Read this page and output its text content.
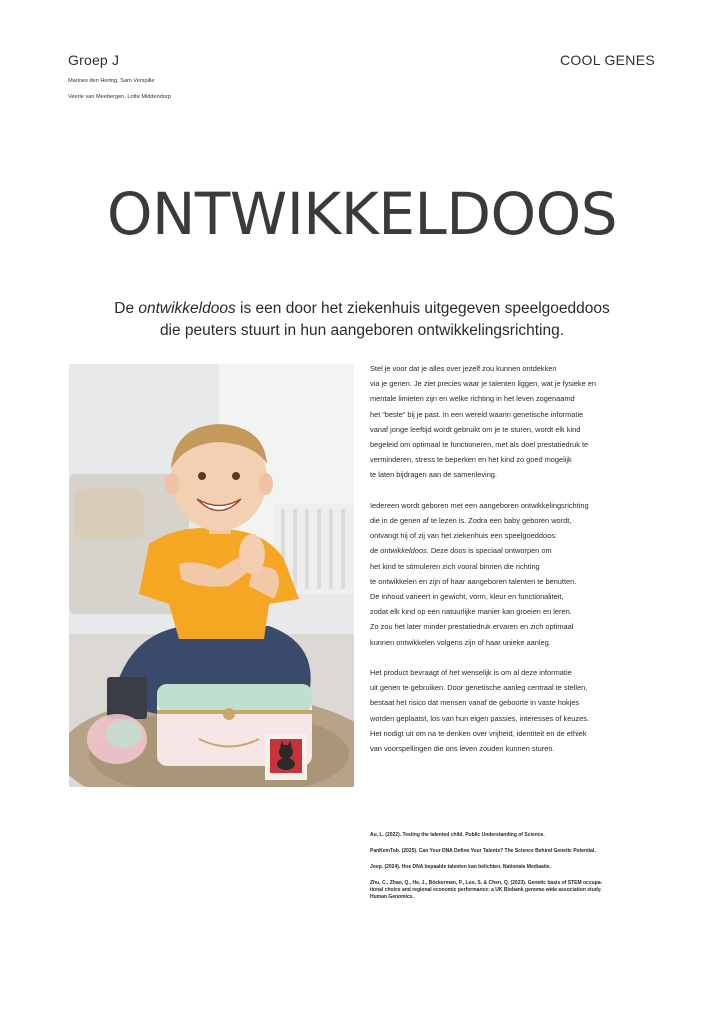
Groep J
Marloes den Hertog, Sam Verspille
Veerle van Meebergen, Lotte Middendorp
COOL GENES
ONTWIKKELDOOS
De ontwikkeldoos is een door het ziekenhuis uitgegeven speelgoeddoos
die peuters stuurt in hun aangeboren ontwikkelingsrichting.

Stel je voor dat je alles over jezelf zou kunnen ontdekken
via je genen. Je ziet precies waar je talenten liggen, wat je fysieke en
mentale limieten zijn en welke richting in het leven zogenaamd
het “beste” bij je past. In een wereld waarin genetische informatie
vanaf jonge leeftijd wordt gebruikt om je te sturen, wordt elk kind
begeleid om optimaal te functioneren, met als doel prestatiedruk te
verminderen, stress te beperken en het kind zo goed mogelijk
te laten bijdragen aan de samenleving.

Iedereen wordt geboren met een aangeboren ontwikkelingsrichting
die in de genen af te lezen is. Zodra een baby geboren wordt,
ontvangt hij of zij van het ziekenhuis een speelgoeddoos:
de ontwikkeldoos. Deze doos is speciaal ontworpen om
het kind te stimuleren zich vooral binnen die richting
te ontwikkelen en zijn of haar aangeboren talenten te benutten.
De inhoud varieert in gewicht, vorm, kleur en functionaliteit,
zodat elk kind op een natuurlijke manier kan groeien en leren.
Zo zou het later minder prestatiedruk ervaren en zich optimaal
kunnen ontwikkelen volgens zijn of haar unieke aanleg.

Het product bevraagt of het wenselijk is om al deze informatie
uit genen te gebruiken. Door genetische aanleg centraal te stellen,
bestaat het risico dat mensen vanaf de geboorte in vaste hokjes
worden geplaatst, los van hun eigen passies, interesses of keuzes.
Het nodigt uit om na te denken over vrijheid, identiteit en de ethiek
van voorspellingen die ons leven zouden kunnen sturen.

Au, L. (2022). Testing the talented child. Public Understanding of Science.

PanKemTob. (2025). Can Your DNA Define Your Talents? The Science Behind Genetic Potential.

Joep. (2024). Hoe DNA bepaalde talenten kan belichten. Nationale Mediaatie.

Zhu, C., Zhao, Q., He, J., Böckerman, P., Luo, S. & Chen, Q. (2023). Genetic basis of STEM occupa-
tional choice and regional economic performance: a UK Biobank genome-wide association study.
Human Genomics.
